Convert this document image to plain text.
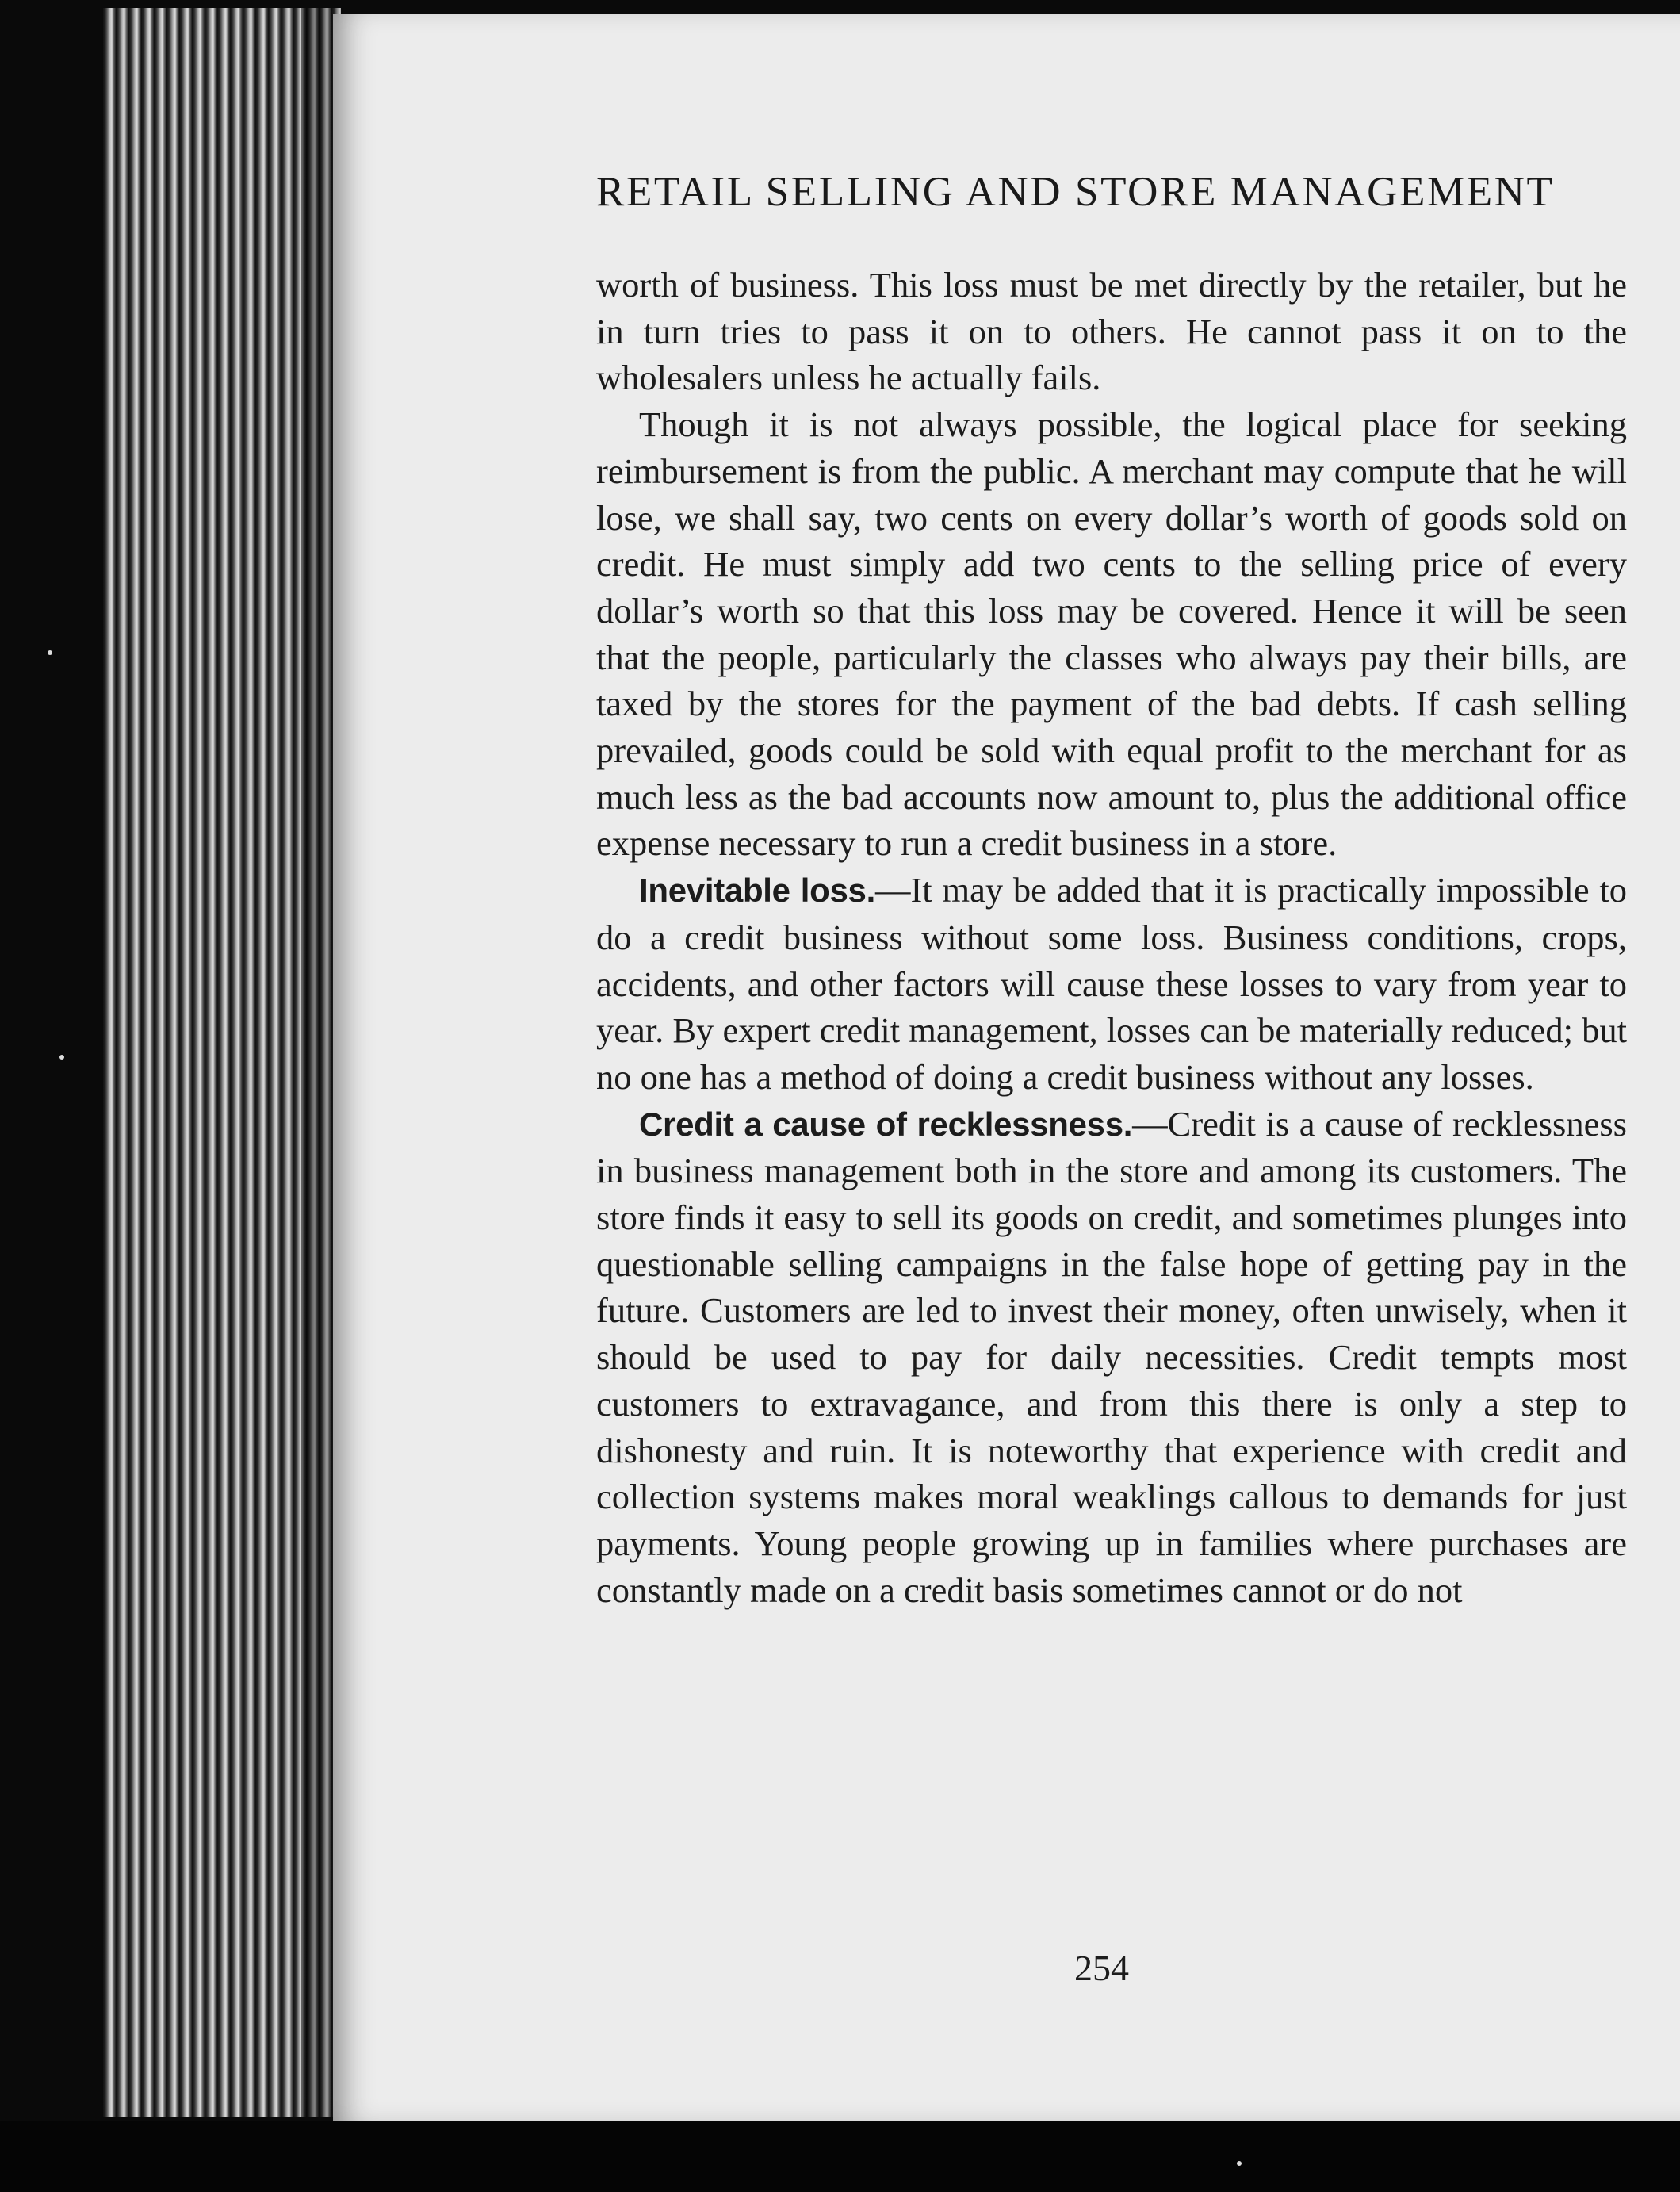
RETAIL SELLING AND STORE MANAGEMENT

worth of business. This loss must be met directly by the retailer, but he in turn tries to pass it on to others. He cannot pass it on to the wholesalers unless he actually fails.

Though it is not always possible, the logical place for seeking reimbursement is from the public. A merchant may compute that he will lose, we shall say, two cents on every dollar’s worth of goods sold on credit. He must simply add two cents to the selling price of every dollar’s worth so that this loss may be covered. Hence it will be seen that the people, particularly the classes who always pay their bills, are taxed by the stores for the payment of the bad debts. If cash selling prevailed, goods could be sold with equal profit to the merchant for as much less as the bad accounts now amount to, plus the additional office expense necessary to run a credit business in a store.

Inevitable loss.—It may be added that it is practically impossible to do a credit business without some loss. Business conditions, crops, accidents, and other factors will cause these losses to vary from year to year. By expert credit management, losses can be materially reduced; but no one has a method of doing a credit business without any losses.

Credit a cause of recklessness.—Credit is a cause of recklessness in business management both in the store and among its customers. The store finds it easy to sell its goods on credit, and sometimes plunges into questionable selling campaigns in the false hope of getting pay in the future. Customers are led to invest their money, often unwisely, when it should be used to pay for daily necessities. Credit tempts most customers to extravagance, and from this there is only a step to dishonesty and ruin. It is noteworthy that experience with credit and collection systems makes moral weaklings callous to demands for just payments. Young people growing up in families where purchases are constantly made on a credit basis sometimes cannot or do not

254
